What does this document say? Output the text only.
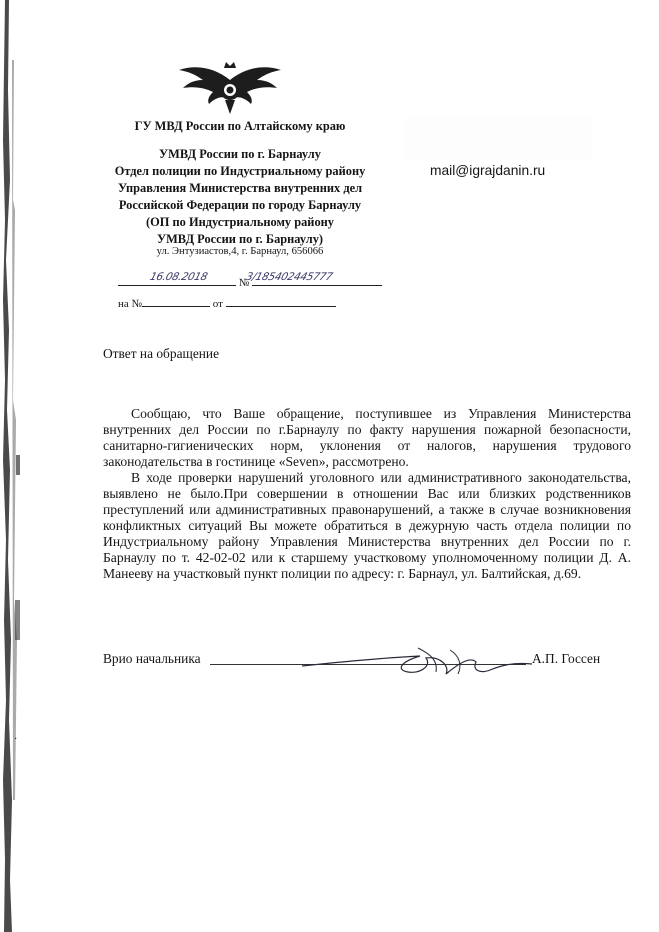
ГУ МВД России по Алтайскому краю
УМВД России по г. Барнаулу
Отдел полиции по Индустриальному району
Управления Министерства внутренних дел
Российской Федерации по городу Барнаулу
(ОП по Индустриальному району
УМВД России по г. Барнаулу)
ул. Энтузиастов,4, г. Барнаул, 656066
mail@igrajdanin.ru
№
16.08.2018	3/185402445777
на №	от
Ответ на обращение

Сообщаю, что Ваше обращение, поступившее из Управления Министерства внутренних дел России по г.Барнаулу по факту нарушения пожарной безопасности, санитарно-гигиенических норм, уклонения от налогов, нарушения трудового законодательства в гостинице «Seven», рассмотрено.

В ходе проверки нарушений уголовного или административного законодательства, выявлено не было.При совершении в отношении Вас или близких родственников преступлений или административных правонарушений, а также в случае возникновения конфликтных ситуаций Вы можете обратиться в дежурную часть отдела полиции по Индустриальному району Управления Министерства внутренних дел России по г. Барнаулу по т. 42-02-02 или к старшему участковому уполномоченному полиции Д. А. Манееву на участковый пункт полиции по адресу: г. Барнаул, ул. Балтийская, д.69.

Врио начальника	А.П. Госсен
·
